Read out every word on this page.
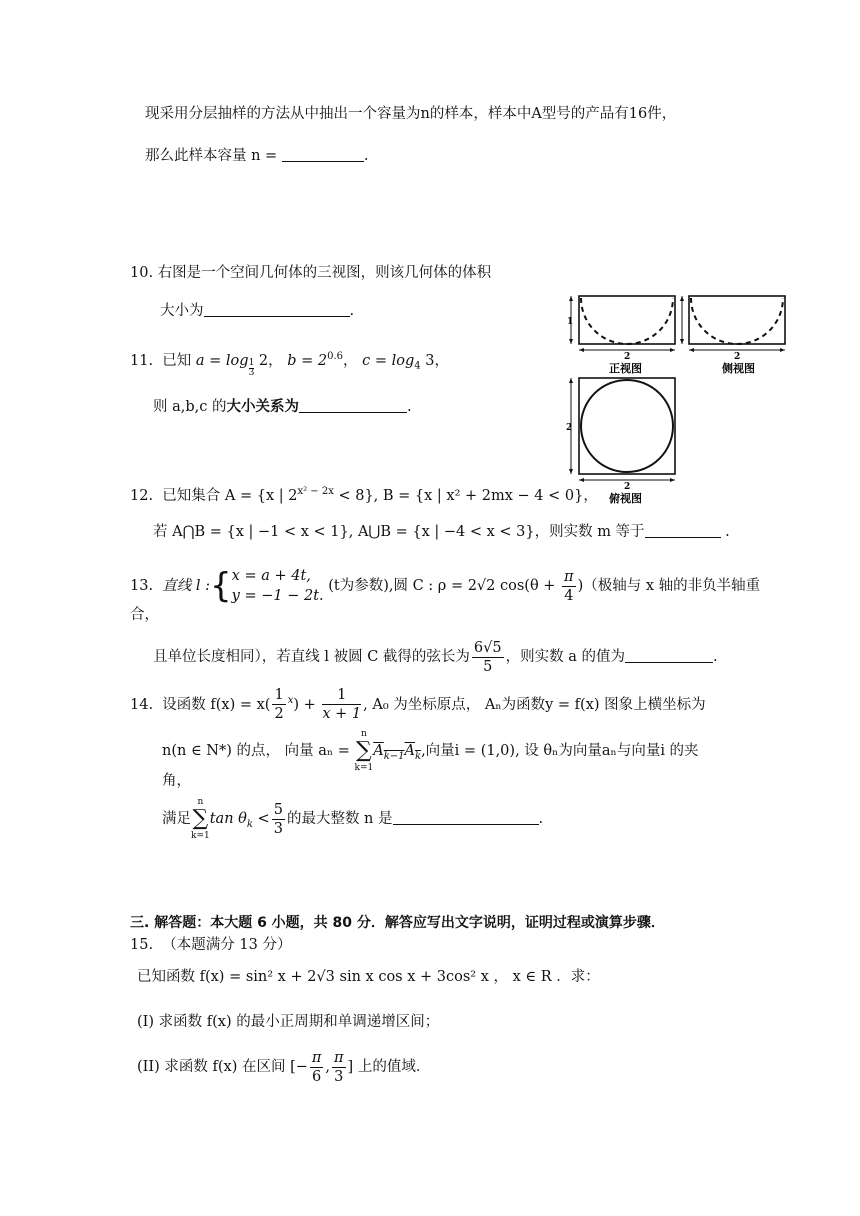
现采用分层抽样的方法从中抽出一个容量为n的样本，样本中A型号的产品有16件，
那么此样本容量 n =	.
10. 右图是一个空间几何体的三视图，则该几何体的体积
大小为	.
11. 已知 $a = \log \frac{1}{3} 2$， $b = 2^{0.6}$， $c = \log_4 3$，
则 a,b,c 的大小关系为	.
12. 已知集合 A = {x | $2^{x^2 - 2x} < 8$}, B = {x | x² + 2mx − 4 < 0}，
若 A⋂B = {x | −1 < x < 1}, A⋃B = {x | −4 < x < 3}，则实数 m 等于	.
13. 直线 l :{ x = a + 4t,
y = −1 − 2t.
(t为参数),圆 C : ρ = 2√2 $\cos(\theta + \frac{\pi}{4}$ )（极轴与 x 轴的非负半轴重
合，
且单位长度相同），若直线 l 被圆 C 截得的弦长为 $\frac{6√5}{5}$ ，则实数 a 的值为	.
14. 设函数 $f(x) = x( \frac{1}{2} ^x) + \frac{1}{x + 1}$ , A₀ 为坐标原点， Aₙ为函数y = f(x) 图象上横坐标为
n(n ∈ N*) 的点， 向量 aₙ =
n
∑
k=1
$A_{k-1}A_k$,向量i = (1,0), 设 θₙ为向量aₙ与向量i 的夹
角，
满足
n
∑
k=1
$\tan \theta_k < \frac{5}{3}$ 的最大整数 n 是	.
三. 解答题：本大题 6 小题，共 80 分．解答应写出文字说明，证明过程或演算步骤．
15. （本题满分 13 分）
已知函数 f(x) = sin² x + 2√3 sin x cos x + 3cos² x ， x ∈ R ．求：
(I) 求函数 f(x) 的最小正周期和单调递增区间；
(II) 求函数 f(x) 在区间 [− $\frac{\pi}{6}$ , $\frac{\pi}{3}$ ] 上的值域．
1
2
正视图
2
侧视图
2
2
俯视图
